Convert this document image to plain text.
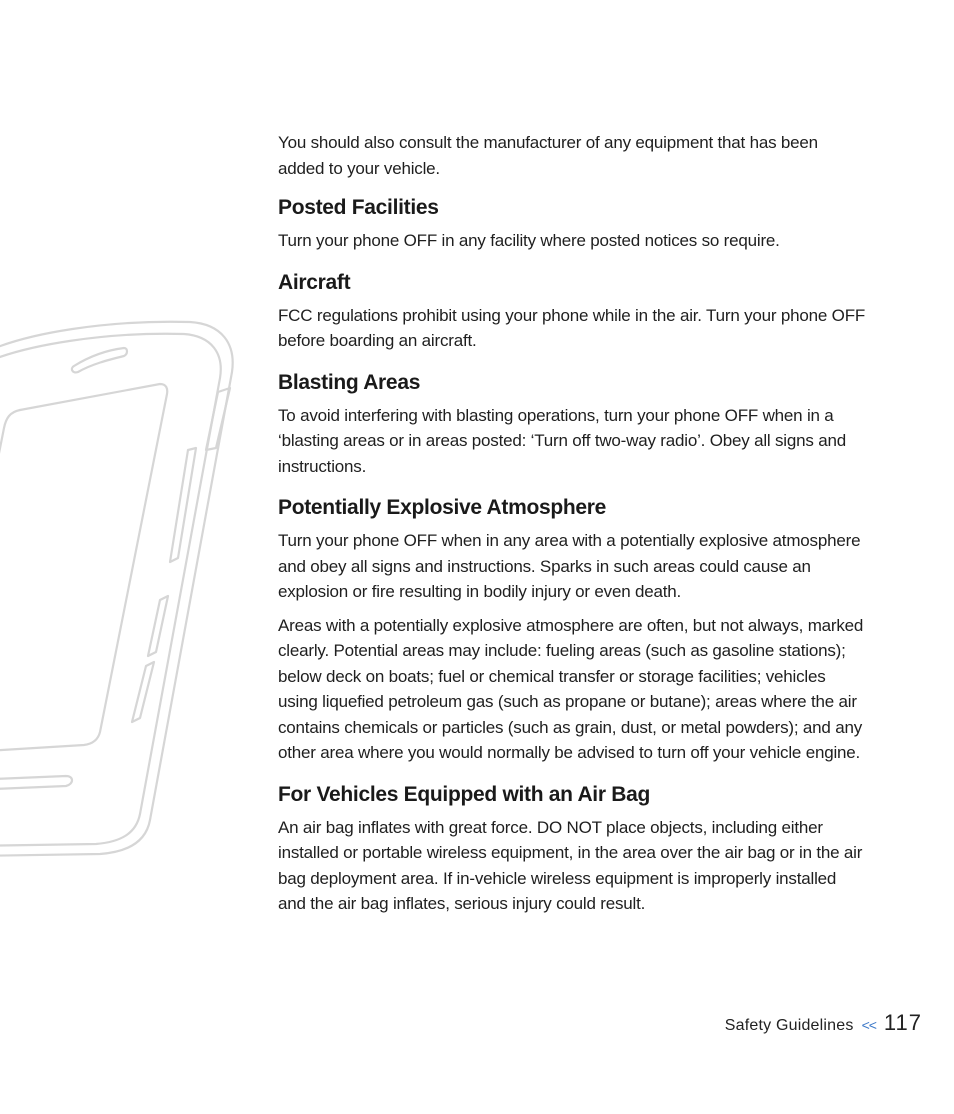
You should also consult the manufacturer of any equipment that has been added to your vehicle.

Posted Facilities

Turn your phone OFF in any facility where posted notices so require.

Aircraft

FCC regulations prohibit using your phone while in the air. Turn your phone OFF before boarding an aircraft.

Blasting Areas

To avoid interfering with blasting operations, turn your phone OFF when in a ‘blasting areas or in areas posted: ‘Turn off two-way radio’. Obey all signs and instructions.

Potentially Explosive Atmosphere

Turn your phone OFF when in any area with a potentially explosive atmosphere and obey all signs and instructions. Sparks in such areas could cause an explosion or fire resulting in bodily injury or even death.

Areas with a potentially explosive atmosphere are often, but not always, marked clearly. Potential areas may include: fueling areas (such as gasoline stations); below deck on boats; fuel or chemical transfer or storage facilities; vehicles using liquefied petroleum gas (such as propane or butane); areas where the air contains chemicals or particles (such as grain, dust, or metal powders); and any other area where you would normally be advised to turn off your vehicle engine.

For Vehicles Equipped with an Air Bag

An air bag inflates with great force. DO NOT place objects, including either installed or portable wireless equipment, in the area over the air bag or in the air bag deployment area. If in-vehicle wireless equipment is improperly installed and the air bag inflates, serious injury could result.

Safety Guidelines << 117
